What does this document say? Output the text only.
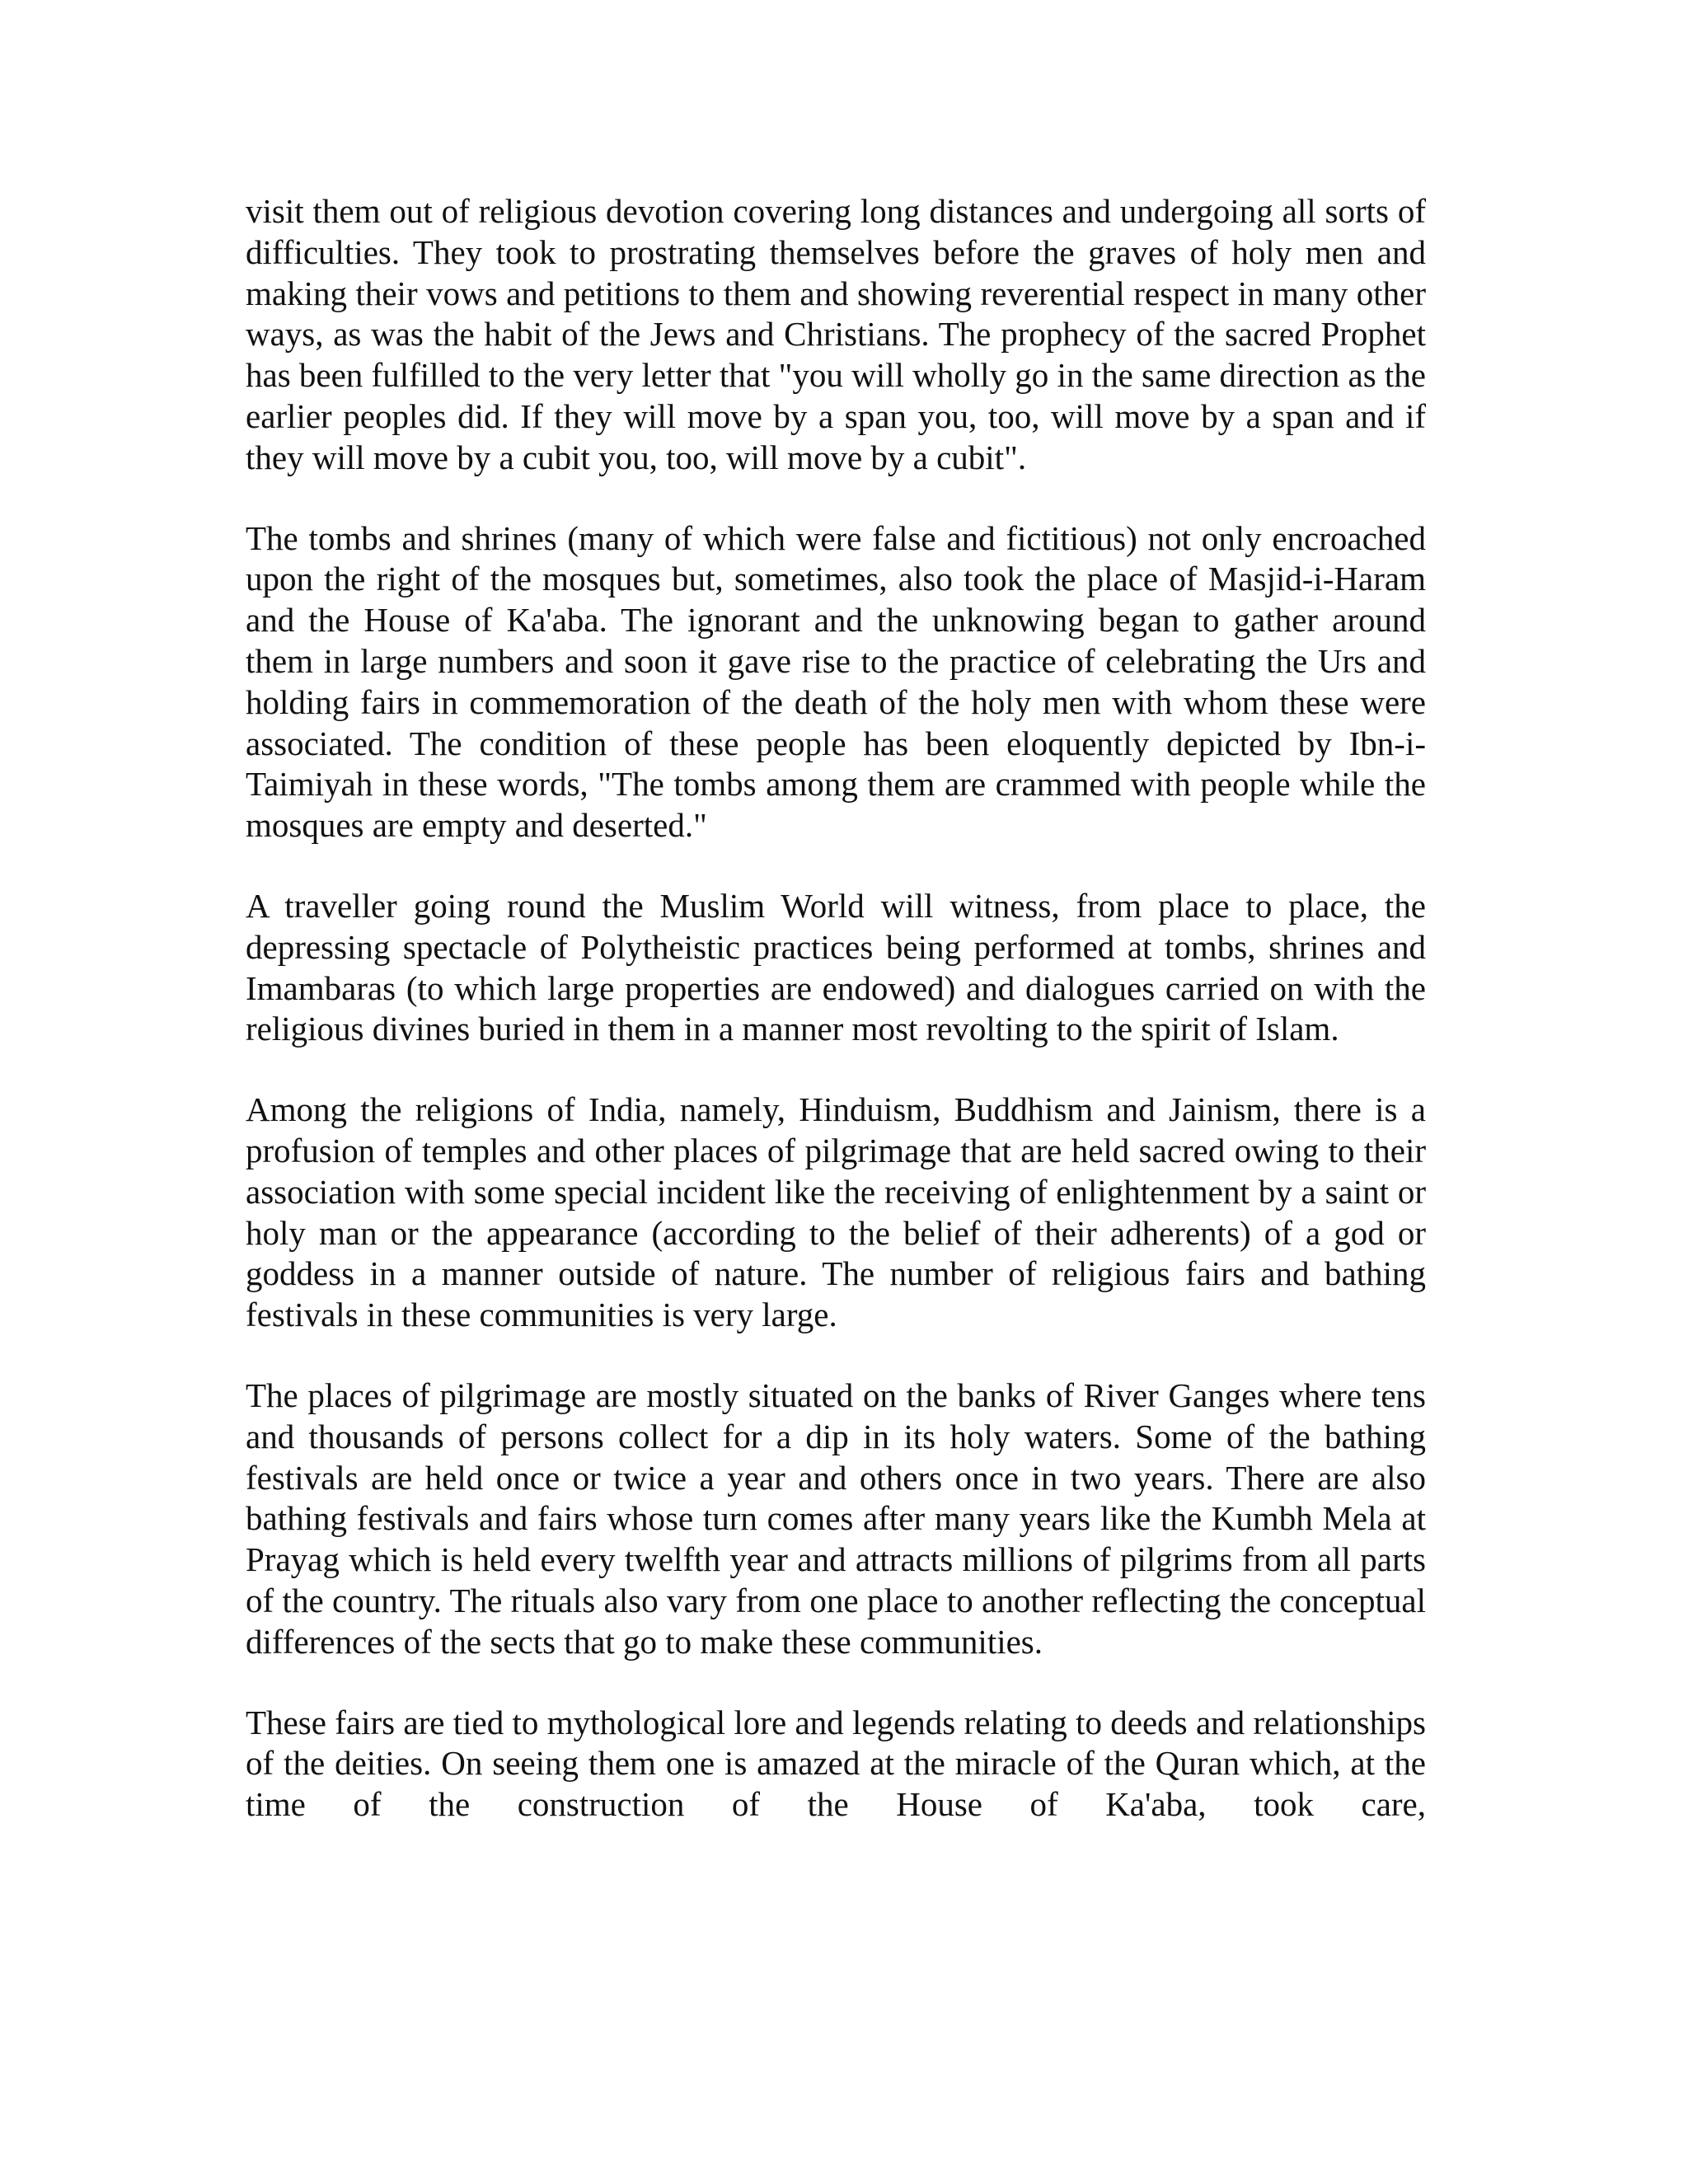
visit them out of religious devotion covering long distances and undergoing all sorts of difficulties. They took to prostrating themselves before the graves of holy men and making their vows and petitions to them and showing reverential respect in many other ways, as was the habit of the Jews and Christians. The prophecy of the sacred Prophet has been fulfilled to the very letter that "you will wholly go in the same direction as the earlier peoples did. If they will move by a span you, too, will move by a span and if they will move by a cubit you, too, will move by a cubit".

The tombs and shrines (many of which were false and fictitious) not only encroached upon the right of the mosques but, sometimes, also took the place of Masjid-i-Haram and the House of Ka'aba. The ignorant and the unknowing began to gather around them in large numbers and soon it gave rise to the practice of celebrating the Urs and holding fairs in commemoration of the death of the holy men with whom these were associated. The condition of these people has been eloquently depicted by Ibn-i-Taimiyah in these words, "The tombs among them are crammed with people while the mosques are empty and deserted."

A traveller going round the Muslim World will witness, from place to place, the depressing spectacle of Polytheistic practices being performed at tombs, shrines and Imambaras (to which large properties are endowed) and dialogues carried on with the religious divines buried in them in a manner most revolting to the spirit of Islam.

Among the religions of India, namely, Hinduism, Buddhism and Jainism, there is a profusion of temples and other places of pilgrimage that are held sacred owing to their association with some special incident like the receiving of enlightenment by a saint or holy man or the appearance (according to the belief of their adherents) of a god or goddess in a manner outside of nature. The number of religious fairs and bathing festivals in these communities is very large.

The places of pilgrimage are mostly situated on the banks of River Ganges where tens and thousands of persons collect for a dip in its holy waters. Some of the bathing festivals are held once or twice a year and others once in two years. There are also bathing festivals and fairs whose turn comes after many years like the Kumbh Mela at Prayag which is held every twelfth year and attracts millions of pilgrims from all parts of the country. The rituals also vary from one place to another reflecting the conceptual differences of the sects that go to make these communities.

These fairs are tied to mythological lore and legends relating to deeds and relationships of the deities. On seeing them one is amazed at the miracle of the Quran which, at the time of the construction of the House of Ka'aba, took care,
